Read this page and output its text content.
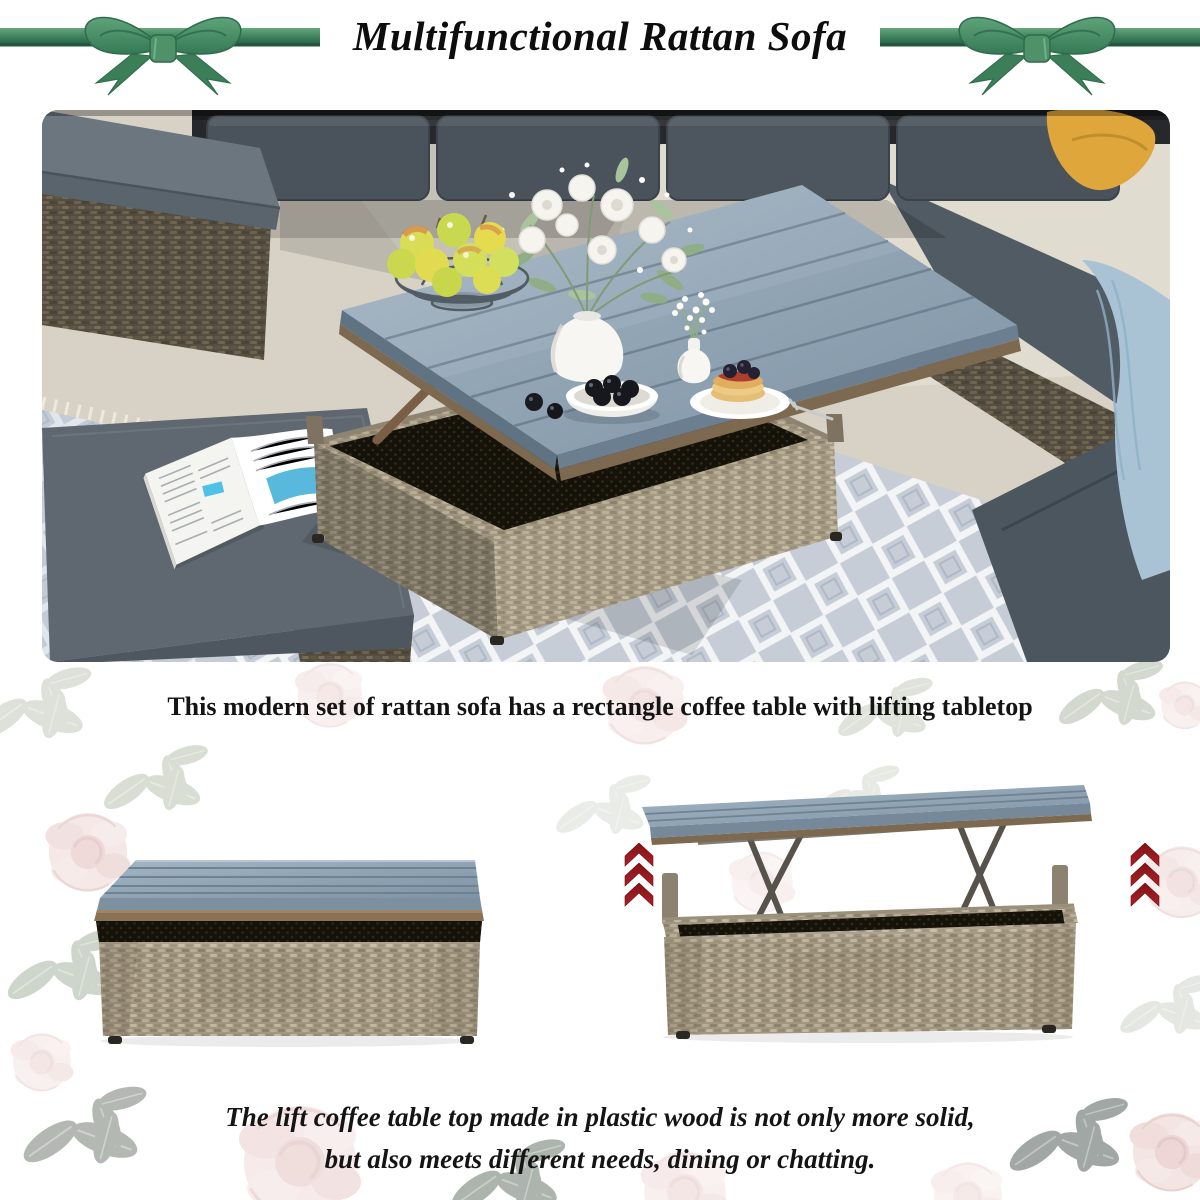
Multifunctional Rattan Sofa
This modern set of rattan sofa has a rectangle coffee table with lifting tabletop
The lift coffee table top made in plastic wood is not only more solid,
but also meets different needs, dining or chatting.
